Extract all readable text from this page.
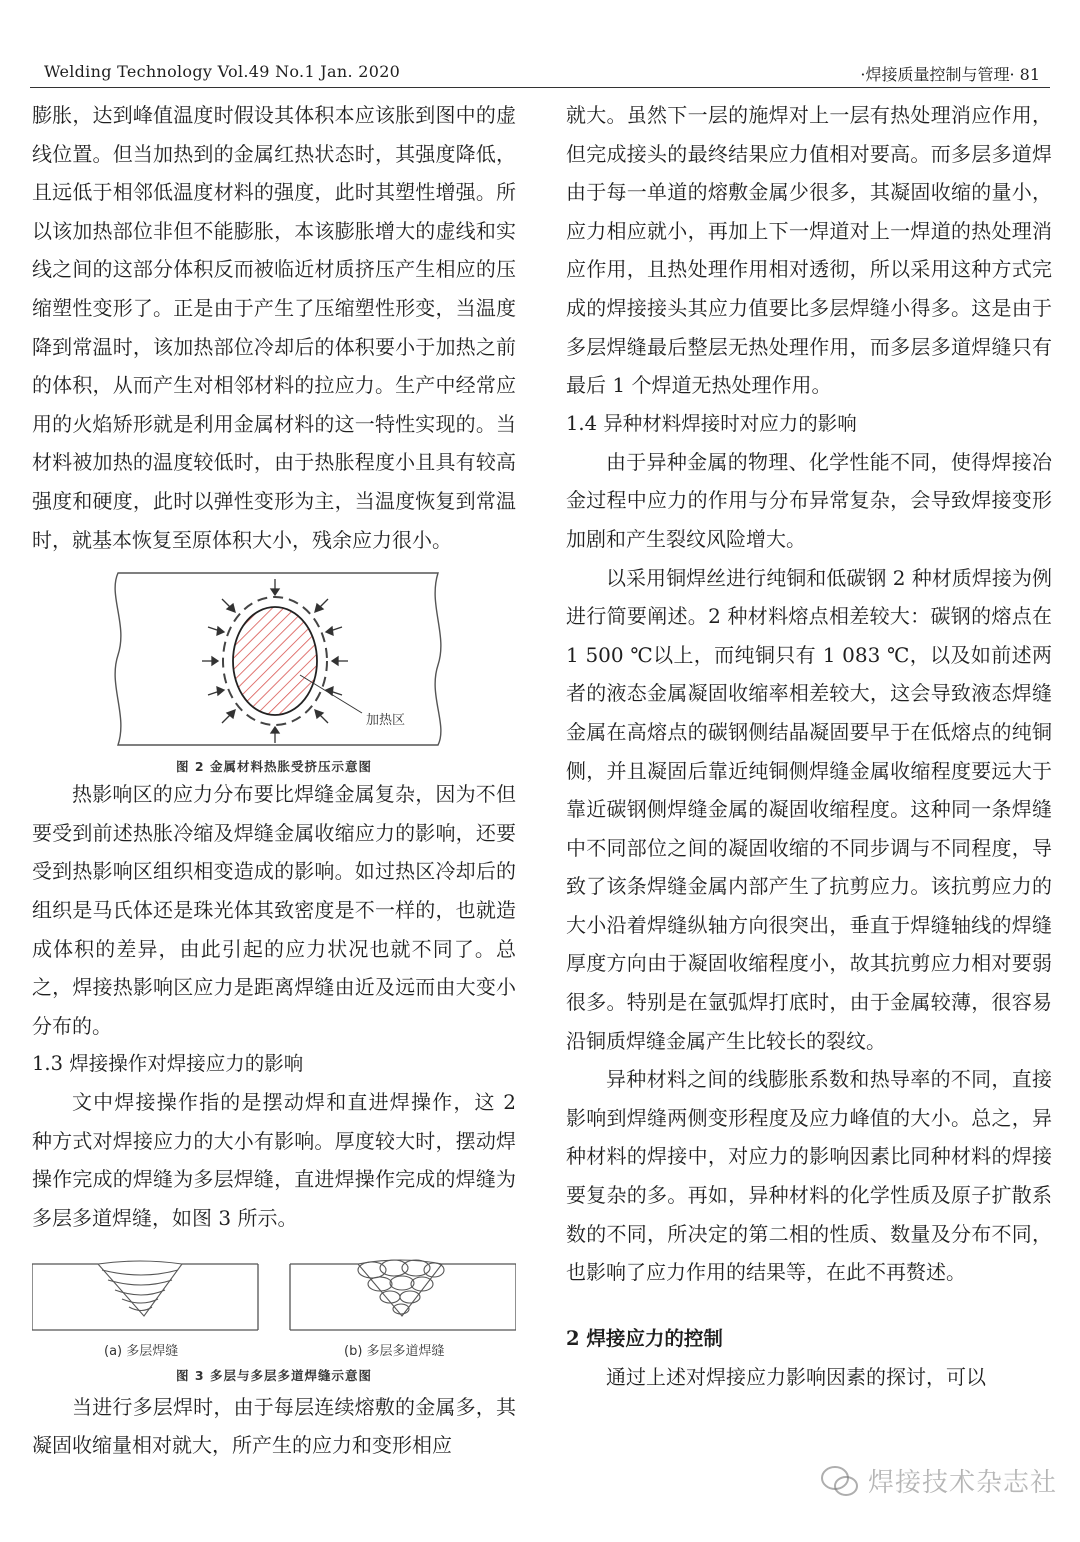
Welding Technology Vol.49 No.1 Jan. 2020	·焊接质量控制与管理· 81

膨胀，达到峰值温度时假设其体积本应该胀到图中的虚线位置。但当加热到的金属红热状态时，其强度降低，且远低于相邻低温度材料的强度，此时其塑性增强。所以该加热部位非但不能膨胀，本该膨胀增大的虚线和实线之间的这部分体积反而被临近材质挤压产生相应的压缩塑性变形了。正是由于产生了压缩塑性形变，当温度降到常温时，该加热部位冷却后的体积要小于加热之前的体积，从而产生对相邻材料的拉应力。生产中经常应用的火焰矫形就是利用金属材料的这一特性实现的。当材料被加热的温度较低时，由于热胀程度小且具有较高强度和硬度，此时以弹性变形为主，当温度恢复到常温时，就基本恢复至原体积大小，残余应力很小。

加热区
图 2 金属材料热胀受挤压示意图

热影响区的应力分布要比焊缝金属复杂，因为不但要受到前述热胀冷缩及焊缝金属收缩应力的影响，还要受到热影响区组织相变造成的影响。如过热区冷却后的组织是马氏体还是珠光体其致密度是不一样的，也就造成体积的差异，由此引起的应力状况也就不同了。总之，焊接热影响区应力是距离焊缝由近及远而由大变小分布的。

1.3 焊接操作对焊接应力的影响

文中焊接操作指的是摆动焊和直进焊操作，这 2 种方式对焊接应力的大小有影响。厚度较大时，摆动焊操作完成的焊缝为多层焊缝，直进焊操作完成的焊缝为多层多道焊缝，如图 3 所示。

(a) 多层焊缝	(b) 多层多道焊缝
图 3 多层与多层多道焊缝示意图

当进行多层焊时，由于每层连续熔敷的金属多，其凝固收缩量相对就大，所产生的应力和变形相应

就大。虽然下一层的施焊对上一层有热处理消应作用，但完成接头的最终结果应力值相对要高。而多层多道焊由于每一单道的熔敷金属少很多，其凝固收缩的量小，应力相应就小，再加上下一焊道对上一焊道的热处理消应作用，且热处理作用相对透彻，所以采用这种方式完成的焊接接头其应力值要比多层焊缝小得多。这是由于多层焊缝最后整层无热处理作用，而多层多道焊缝只有最后 1 个焊道无热处理作用。

1.4 异种材料焊接时对应力的影响

由于异种金属的物理、化学性能不同，使得焊接冶金过程中应力的作用与分布异常复杂，会导致焊接变形加剧和产生裂纹风险增大。

以采用铜焊丝进行纯铜和低碳钢 2 种材质焊接为例进行简要阐述。2 种材料熔点相差较大：碳钢的熔点在 1 500 ℃以上，而纯铜只有 1 083 ℃，以及如前述两者的液态金属凝固收缩率相差较大，这会导致液态焊缝金属在高熔点的碳钢侧结晶凝固要早于在低熔点的纯铜侧，并且凝固后靠近纯铜侧焊缝金属收缩程度要远大于靠近碳钢侧焊缝金属的凝固收缩程度。这种同一条焊缝中不同部位之间的凝固收缩的不同步调与不同程度，导致了该条焊缝金属内部产生了抗剪应力。该抗剪应力的大小沿着焊缝纵轴方向很突出，垂直于焊缝轴线的焊缝厚度方向由于凝固收缩程度小，故其抗剪应力相对要弱很多。特别是在氩弧焊打底时，由于金属较薄，很容易沿铜质焊缝金属产生比较长的裂纹。

异种材料之间的线膨胀系数和热导率的不同，直接影响到焊缝两侧变形程度及应力峰值的大小。总之，异种材料的焊接中，对应力的影响因素比同种材料的焊接要复杂的多。再如，异种材料的化学性质及原子扩散系数的不同，所决定的第二相的性质、数量及分布不同，也影响了应力作用的结果等，在此不再赘述。

2 焊接应力的控制

通过上述对焊接应力影响因素的探讨，可以

焊接技术杂志社
